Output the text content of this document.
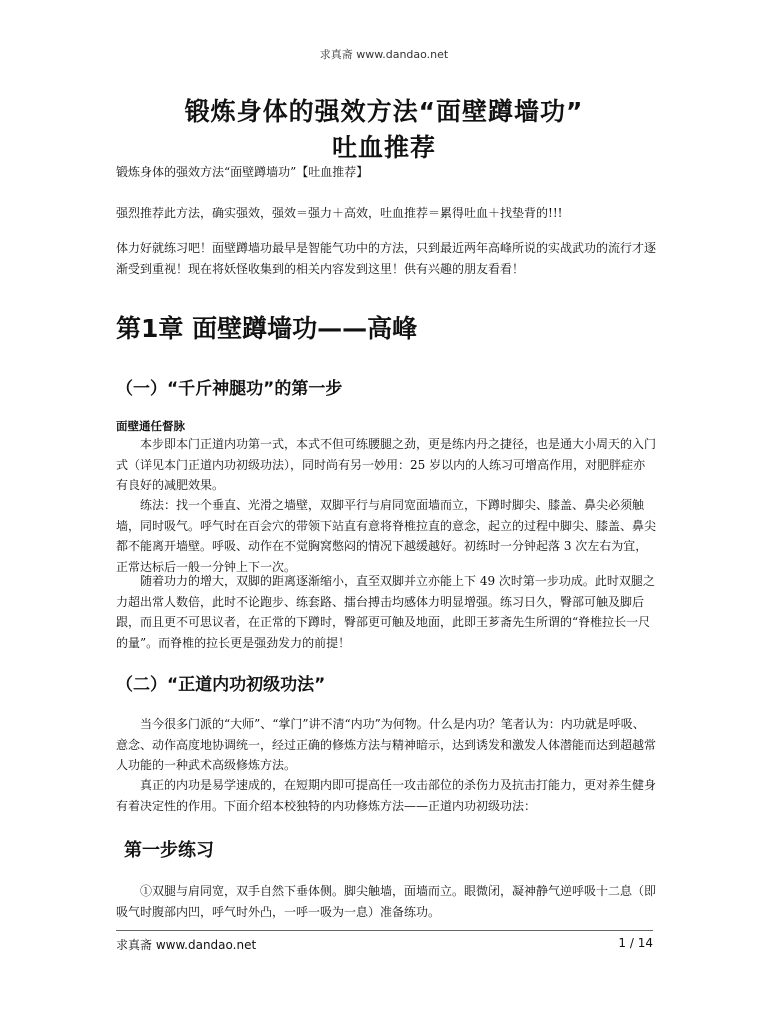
求真斋 www.dandao.net
锻炼身体的强效方法“面壁蹲墙功”
吐血推荐

锻炼身体的强效方法“面壁蹲墙功”【吐血推荐】

强烈推荐此方法，确实强效，强效＝强力＋高效，吐血推荐＝累得吐血＋找垫背的!!!

体力好就练习吧！面壁蹲墙功最早是智能气功中的方法，只到最近两年高峰所说的实战武功的流行才逐渐受到重视！现在将妖怪收集到的相关内容发到这里！供有兴趣的朋友看看！

第1章 面壁蹲墙功——高峰
（一）“千斤神腿功”的第一步
面壁通任督脉

本步即本门正道内功第一式，本式不但可练腰腿之劲，更是练内丹之捷径，也是通大小周天的入门式（详见本门正道内功初级功法），同时尚有另一妙用：25 岁以内的人练习可增高作用，对肥胖症亦有良好的减肥效果。

练法：找一个垂直、光滑之墙壁，双脚平行与肩同宽面墙而立，下蹲时脚尖、膝盖、鼻尖必须触墙，同时吸气。呼气时在百会穴的带领下站直有意将脊椎拉直的意念，起立的过程中脚尖、膝盖、鼻尖都不能离开墙壁。呼吸、动作在不觉胸窝憋闷的情况下越缓越好。初练时一分钟起落 3 次左右为宜，正常达标后一般一分钟上下一次。

随着功力的增大，双脚的距离逐渐缩小，直至双脚并立亦能上下 49 次时第一步功成。此时双腿之力超出常人数倍，此时不论跑步、练套路、擂台搏击均感体力明显增强。练习日久，臀部可触及脚后跟，而且更不可思议者，在正常的下蹲时，臀部更可触及地面，此即王芗斋先生所谓的“脊椎拉长一尺的量”。而脊椎的拉长更是强劲发力的前提！

（二）“正道内功初级功法”

当今很多门派的“大师”、“掌门”讲不清“内功”为何物。什么是内功？笔者认为：内功就是呼吸、意念、动作高度地协调统一，经过正确的修炼方法与精神暗示，达到诱发和激发人体潜能而达到超越常人功能的一种武术高级修炼方法。

真正的内功是易学速成的，在短期内即可提高任一攻击部位的杀伤力及抗击打能力，更对养生健身有着决定性的作用。下面介绍本校独特的内功修炼方法——正道内功初级功法：

第一步练习

①双腿与肩同宽，双手自然下垂体侧。脚尖触墙，面墙而立。眼微闭，凝神静气逆呼吸十二息（即吸气时腹部内凹，呼气时外凸，一呼一吸为一息）准备练功。

求真斋 www.dandao.net	1 / 14
